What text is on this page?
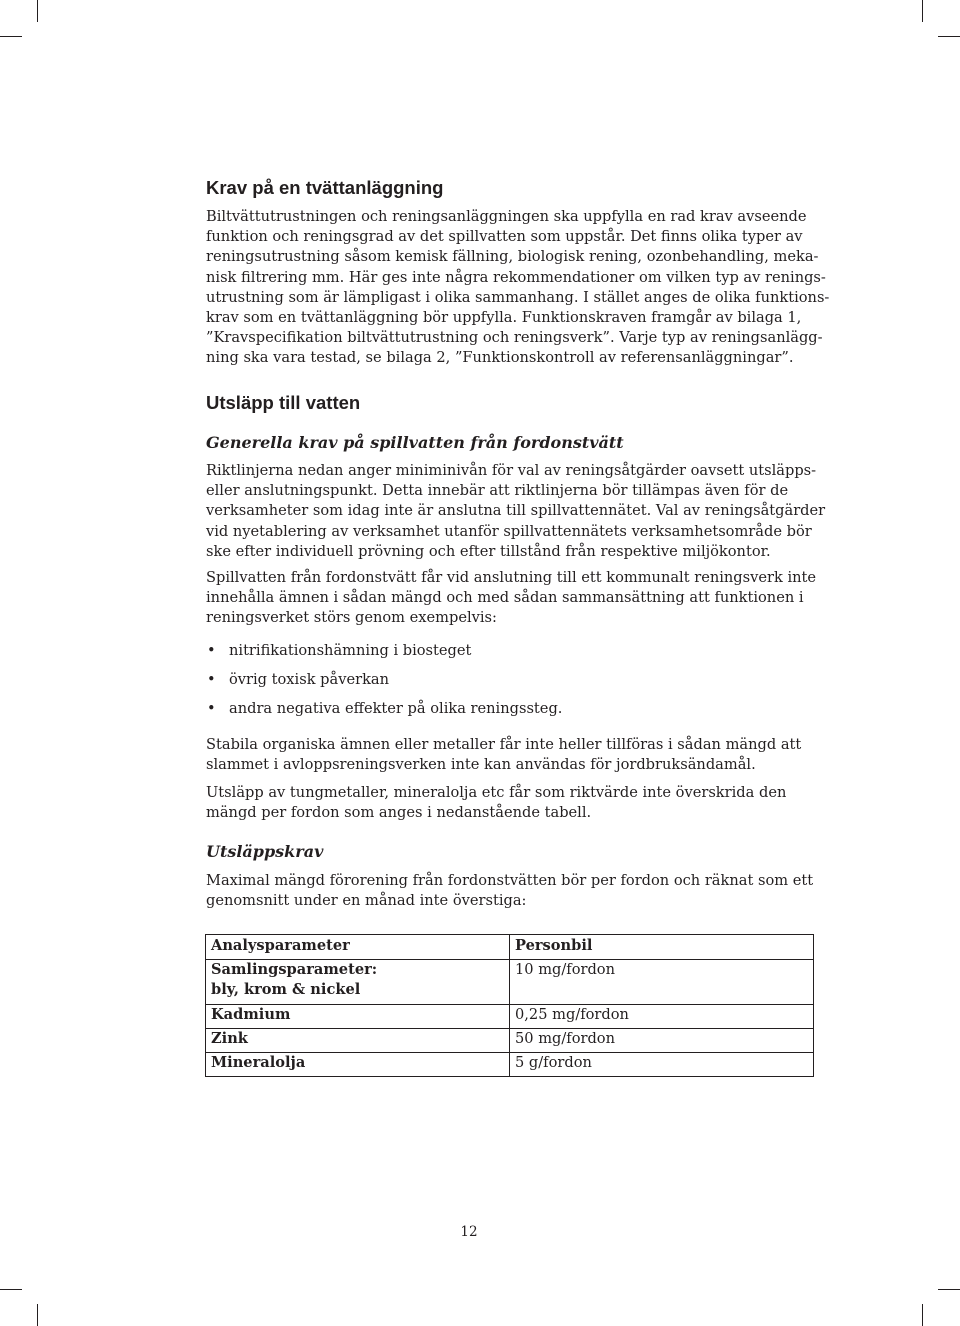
Krav på en tvättanläggning
Biltvättutrustningen och reningsanläggningen ska uppfylla en rad krav avseende
funktion och reningsgrad av det spillvatten som uppstår. Det finns olika typer av
reningsutrustning såsom kemisk fällning, biologisk rening, ozonbehandling, meka-
nisk filtrering mm. Här ges inte några rekommendationer om vilken typ av renings-
utrustning som är lämpligast i olika sammanhang. I stället anges de olika funktions-
krav som en tvättanläggning bör uppfylla. Funktionskraven framgår av bilaga 1,
”Kravspecifikation biltvättutrustning och reningsverk”. Varje typ av reningsanlägg-
ning ska vara testad, se bilaga 2, ”Funktionskontroll av referensanläggningar”.
Utsläpp till vatten
Generella krav på spillvatten från fordonstvätt
Riktlinjerna nedan anger miniminivån för val av reningsåtgärder oavsett utsläpps-
eller anslutningspunkt. Detta innebär att riktlinjerna bör tillämpas även för de
verksamheter som idag inte är anslutna till spillvattennätet. Val av reningsåtgärder
vid nyetablering av verksamhet utanför spillvattennätets verksamhetsområde bör
ske efter individuell prövning och efter tillstånd från respektive miljökontor.
Spillvatten från fordonstvätt får vid anslutning till ett kommunalt reningsverk inte
innehålla ämnen i sådan mängd och med sådan sammansättning att funktionen i
reningsverket störs genom exempelvis:
• nitrifikationshämning i biosteget
• övrig toxisk påverkan
• andra negativa effekter på olika reningssteg.
Stabila organiska ämnen eller metaller får inte heller tillföras i sådan mängd att
slammet i avloppsreningsverken inte kan användas för jordbruksändamål.
Utsläpp av tungmetaller, mineralolja etc får som riktvärde inte överskrida den
mängd per fordon som anges i nedanstående tabell.
Utsläppskrav
Maximal mängd förorening från fordonstvätten bör per fordon och räknat som ett
genomsnitt under en månad inte överstiga:
Analysparameter	Personbil

Samlingsparameter:
bly, krom & nickel	10 mg/fordon
Kadmium	0,25 mg/fordon
Zink	50 mg/fordon
Mineralolja	5 g/fordon
12
